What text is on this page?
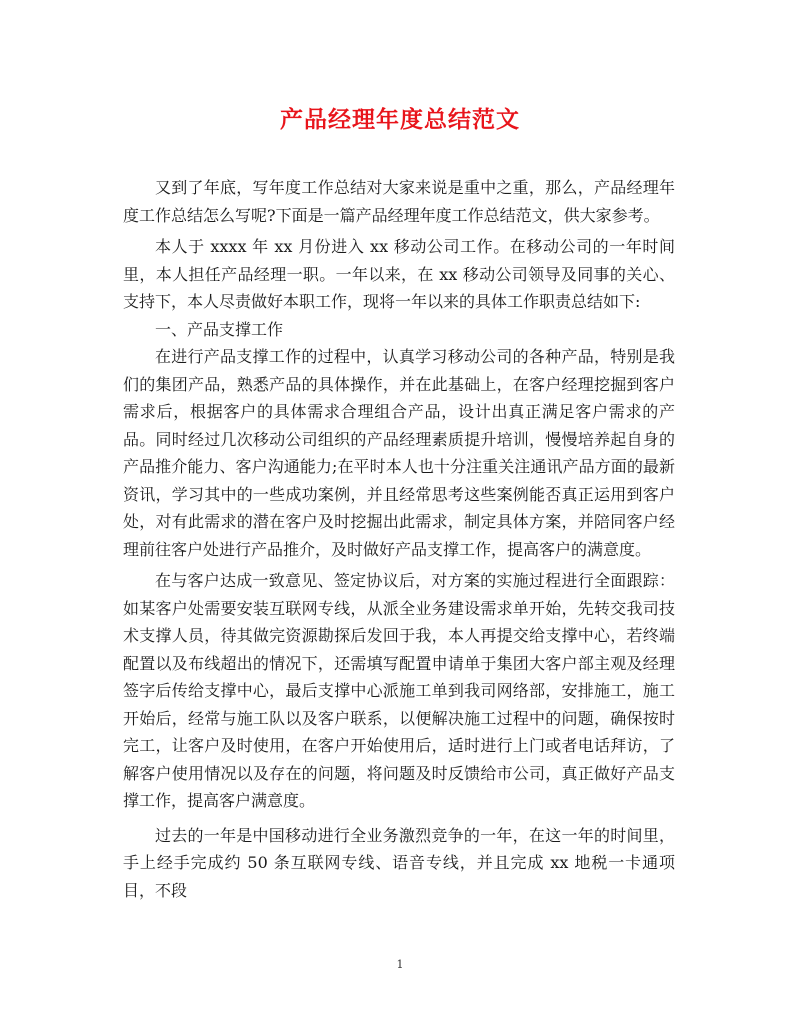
产品经理年度总结范文

又到了年底，写年度工作总结对大家来说是重中之重，那么，产品经理年度工作总结怎么写呢?下面是一篇产品经理年度工作总结范文，供大家参考。

本人于 xxxx 年 xx 月份进入 xx 移动公司工作。在移动公司的一年时间里，本人担任产品经理一职。一年以来，在 xx 移动公司领导及同事的关心、支持下，本人尽责做好本职工作，现将一年以来的具体工作职责总结如下:

一、产品支撑工作

在进行产品支撑工作的过程中，认真学习移动公司的各种产品，特别是我们的集团产品，熟悉产品的具体操作，并在此基础上，在客户经理挖掘到客户需求后，根据客户的具体需求合理组合产品，设计出真正满足客户需求的产品。同时经过几次移动公司组织的产品经理素质提升培训，慢慢培养起自身的产品推介能力、客户沟通能力;在平时本人也十分注重关注通讯产品方面的最新资讯，学习其中的一些成功案例，并且经常思考这些案例能否真正运用到客户处，对有此需求的潜在客户及时挖掘出此需求，制定具体方案，并陪同客户经理前往客户处进行产品推介，及时做好产品支撑工作，提高客户的满意度。

在与客户达成一致意见、签定协议后，对方案的实施过程进行全面跟踪：如某客户处需要安装互联网专线，从派全业务建设需求单开始，先转交我司技术支撑人员，待其做完资源勘探后发回于我，本人再提交给支撑中心，若终端配置以及布线超出的情况下，还需填写配置申请单于集团大客户部主观及经理签字后传给支撑中心，最后支撑中心派施工单到我司网络部，安排施工，施工开始后，经常与施工队以及客户联系，以便解决施工过程中的问题，确保按时完工，让客户及时使用，在客户开始使用后，适时进行上门或者电话拜访，了解客户使用情况以及存在的问题，将问题及时反馈给市公司，真正做好产品支撑工作，提高客户满意度。

过去的一年是中国移动进行全业务激烈竞争的一年，在这一年的时间里，手上经手完成约 50 条互联网专线、语音专线，并且完成 xx 地税一卡通项目，不段

1
